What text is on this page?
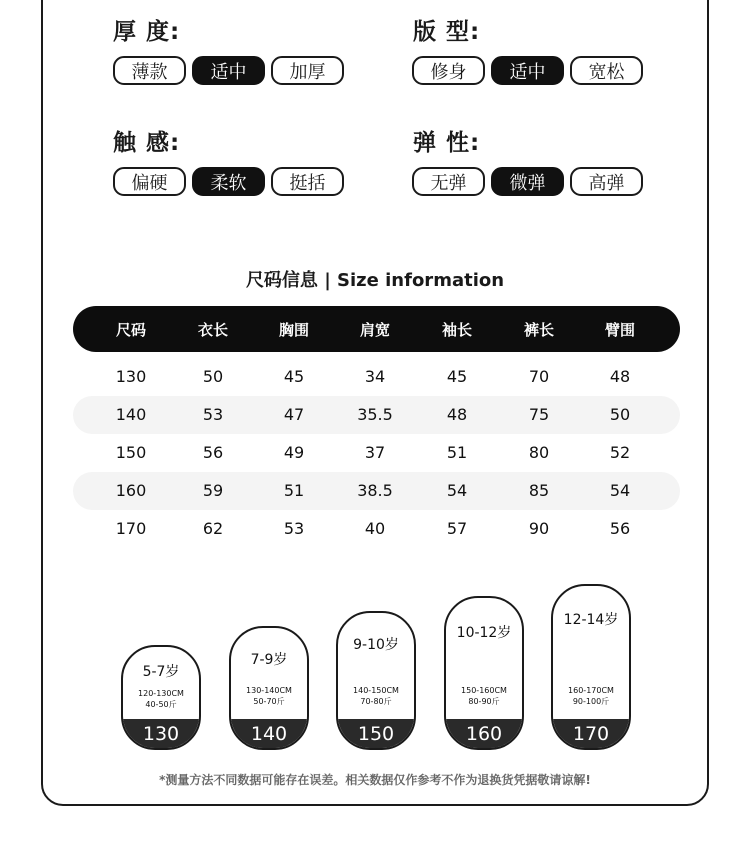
厚 度:
薄款	适中	加厚
版 型:
修身	适中	宽松
触 感:
偏硬	柔软	挺括
弹 性:
无弹	微弹	高弹
尺码信息 | Size information
尺码	衣长	胸围	肩宽	袖长	裤长	臂围
130	50	45	34	45	70	48
140	53	47	35.5	48	75	50
150	56	49	37	51	80	52
160	59	51	38.5	54	85	54
170	62	53	40	57	90	56
5-7岁
120-130CM
40-50斤
130
7-9岁
130-140CM
50-70斤
140
9-10岁
140-150CM
70-80斤
150
10-12岁
150-160CM
80-90斤
160
12-14岁
160-170CM
90-100斤
170
*测量方法不同数据可能存在误差。相关数据仅作参考不作为退换货凭据敬请谅解!
